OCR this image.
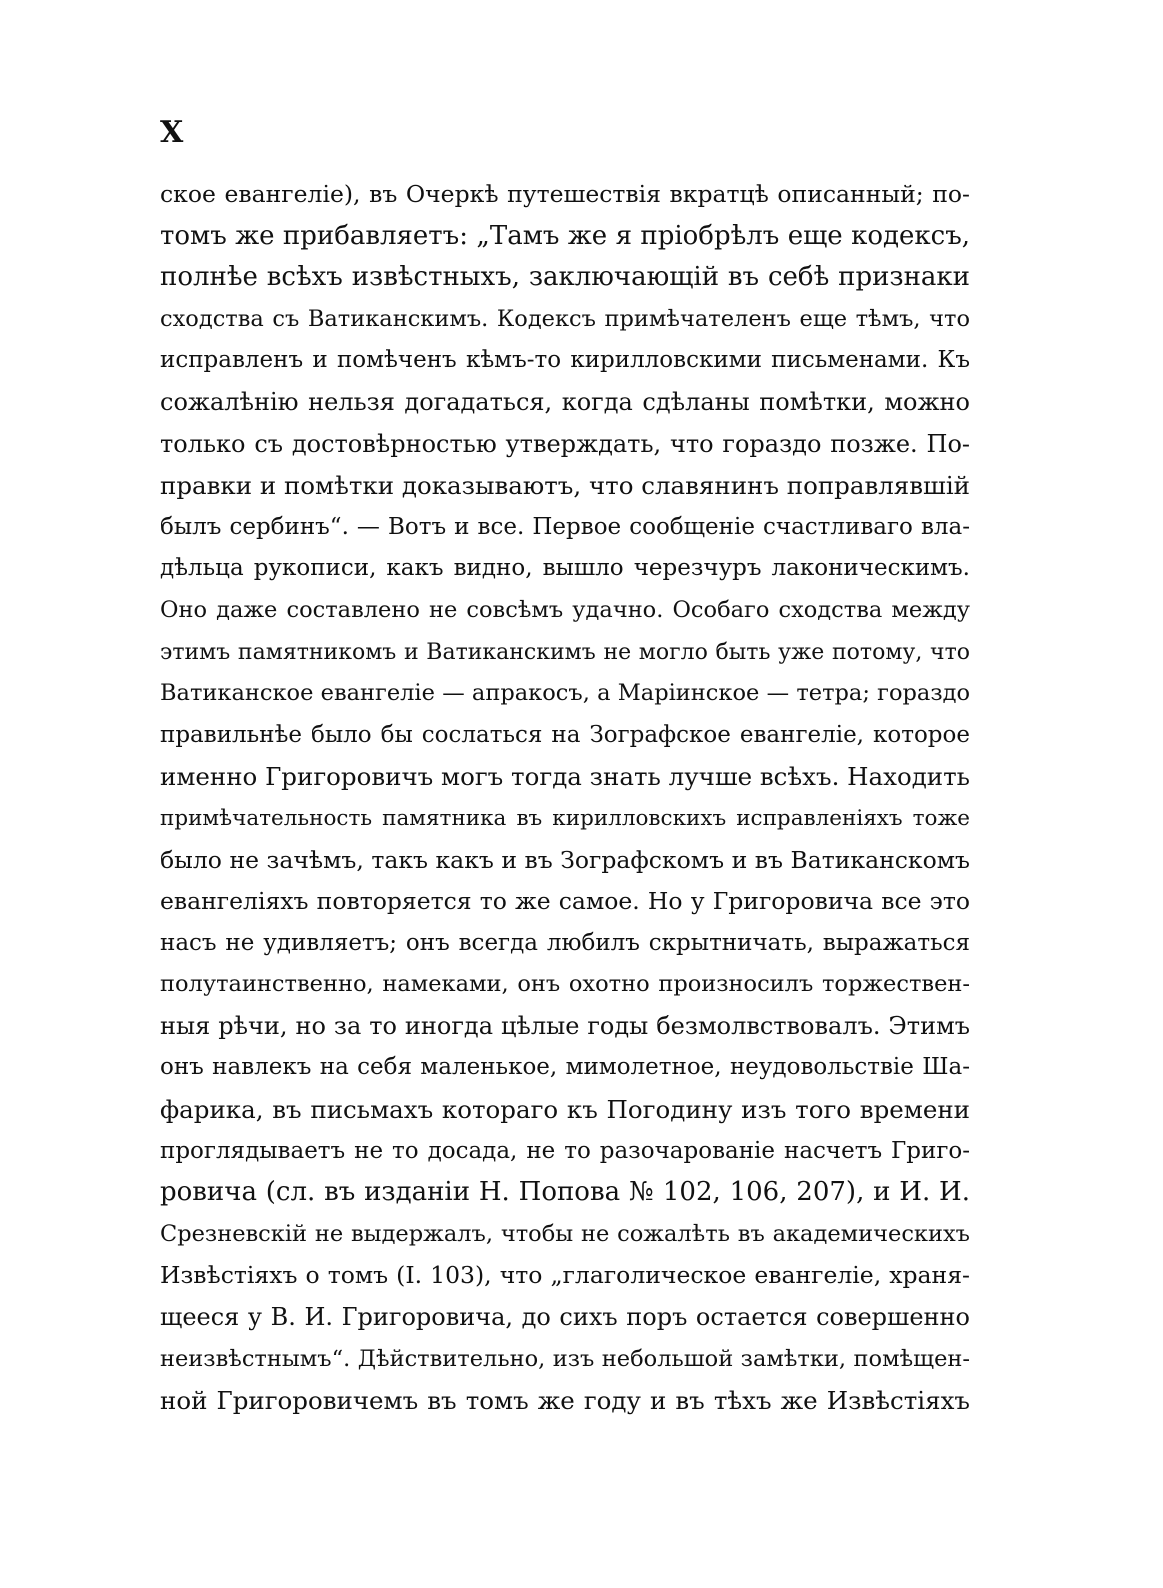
X
ское евангеліе), въ Очеркѣ путешествія вкратцѣ описанный; по-
томъ же прибавляетъ: „Тамъ же я пріобрѣлъ еще кодексъ,
полнѣе всѣхъ извѣстныхъ, заключающій въ себѣ признаки
сходства съ Ватиканскимъ. Кодексъ примѣчателенъ еще тѣмъ, что
исправленъ и помѣченъ кѣмъ-то кирилловскими письменами. Къ
сожалѣнію нельзя догадаться, когда сдѣланы помѣтки, можно
только съ достовѣрностью утверждать, что гораздо позже. По-
правки и помѣтки доказываютъ, что славянинъ поправлявшій
былъ сербинъ“. — Вотъ и все. Первое сообщеніе счастливаго вла-
дѣльца рукописи, какъ видно, вышло черезчуръ лаконическимъ.
Оно даже составлено не совсѣмъ удачно. Особаго сходства между
этимъ памятникомъ и Ватиканскимъ не могло быть уже потому, что
Ватиканское евангеліе — апракосъ, а Маріинское — тетра; гораздо
правильнѣе было бы сослаться на Зографское евангеліе, которое
именно Григоровичъ могъ тогда знать лучше всѣхъ. Находить
примѣчательность памятника въ кирилловскихъ исправленіяхъ тоже
было не зачѣмъ, такъ какъ и въ Зографскомъ и въ Ватиканскомъ
евангеліяхъ повторяется то же самое. Но у Григоровича все это
насъ не удивляетъ; онъ всегда любилъ скрытничать, выражаться
полутаинственно, намеками, онъ охотно произносилъ торжествен-
ныя рѣчи, но за то иногда цѣлые годы безмолвствовалъ. Этимъ
онъ навлекъ на себя маленькое, мимолетное, неудовольствіе Ша-
фарика, въ письмахъ котораго къ Погодину изъ того времени
проглядываетъ не то досада, не то разочарованіе насчетъ Григо-
ровича (сл. въ изданіи Н. Попова № 102, 106, 207), и И. И.
Срезневскій не выдержалъ, чтобы не сожалѣть въ академическихъ
Извѣстіяхъ о томъ (I. 103), что „глаголическое евангеліе, храня-
щееся у В. И. Григоровича, до сихъ поръ остается совершенно
неизвѣстнымъ“. Дѣйствительно, изъ небольшой замѣтки, помѣщен-
ной Григоровичемъ въ томъ же году и въ тѣхъ же Извѣстіяхъ
